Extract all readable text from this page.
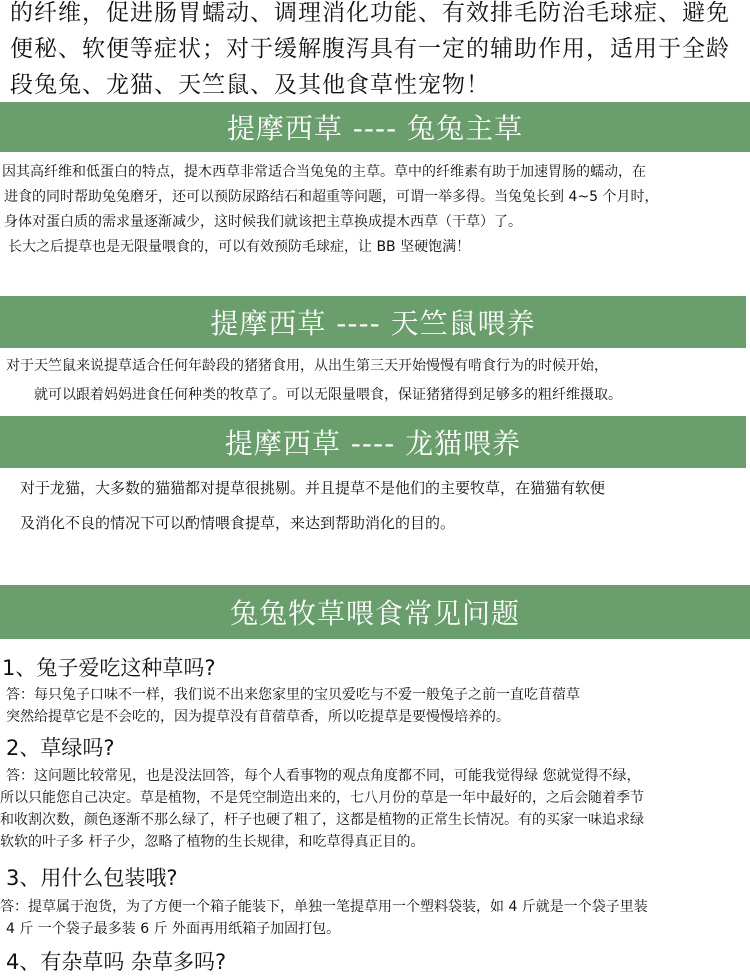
的纤维，促进肠胃蠕动、调理消化功能、有效排毛防治毛球症、避免
便秘、软便等症状；对于缓解腹泻具有一定的辅助作用，适用于全龄
段兔兔、龙猫、天竺鼠、及其他食草性宠物！
提摩西草 ---- 兔兔主草
因其高纤维和低蛋白的特点，提木西草非常适合当兔兔的主草。草中的纤维素有助于加速胃肠的蠕动，在
进食的同时帮助兔兔磨牙，还可以预防尿路结石和超重等问题，可谓一举多得。当兔兔长到 4~5 个月时，
身体对蛋白质的需求量逐渐减少，这时候我们就该把主草换成提木西草（干草）了。
长大之后提草也是无限量喂食的，可以有效预防毛球症，让 BB 坚硬饱满！
提摩西草 ---- 天竺鼠喂养
对于天竺鼠来说提草适合任何年龄段的猪猪食用，从出生第三天开始慢慢有啃食行为的时候开始，
就可以跟着妈妈进食任何种类的牧草了。可以无限量喂食，保证猪猪得到足够多的粗纤维摄取。
提摩西草 ---- 龙猫喂养
对于龙猫，大多数的猫猫都对提草很挑剔。并且提草不是他们的主要牧草，在猫猫有软便
及消化不良的情况下可以酌情喂食提草，来达到帮助消化的目的。
兔兔牧草喂食常见问题
1、兔子爱吃这种草吗?
答：每只兔子口味不一样，我们说不出来您家里的宝贝爱吃与不爱一般兔子之前一直吃苜蓿草
突然给提草它是不会吃的，因为提草没有苜蓿草香，所以吃提草是要慢慢培养的。
2、草绿吗?
答：这问题比较常见，也是没法回答，每个人看事物的观点角度都不同，可能我觉得绿 您就觉得不绿，
所以只能您自己决定。草是植物，不是凭空制造出来的，七八月份的草是一年中最好的，之后会随着季节
和收割次数，颜色逐渐不那么绿了，杆子也硬了粗了，这都是植物的正常生长情况。有的买家一味追求绿
软软的叶子多 杆子少，忽略了植物的生长规律，和吃草得真正目的。
3、用什么包装哦?
答：提草属于泡货，为了方便一个箱子能装下，单独一笔提草用一个塑料袋装，如 4 斤就是一个袋子里装
4 斤 一个袋子最多装 6 斤 外面再用纸箱子加固打包。
4、有杂草吗 杂草多吗?
